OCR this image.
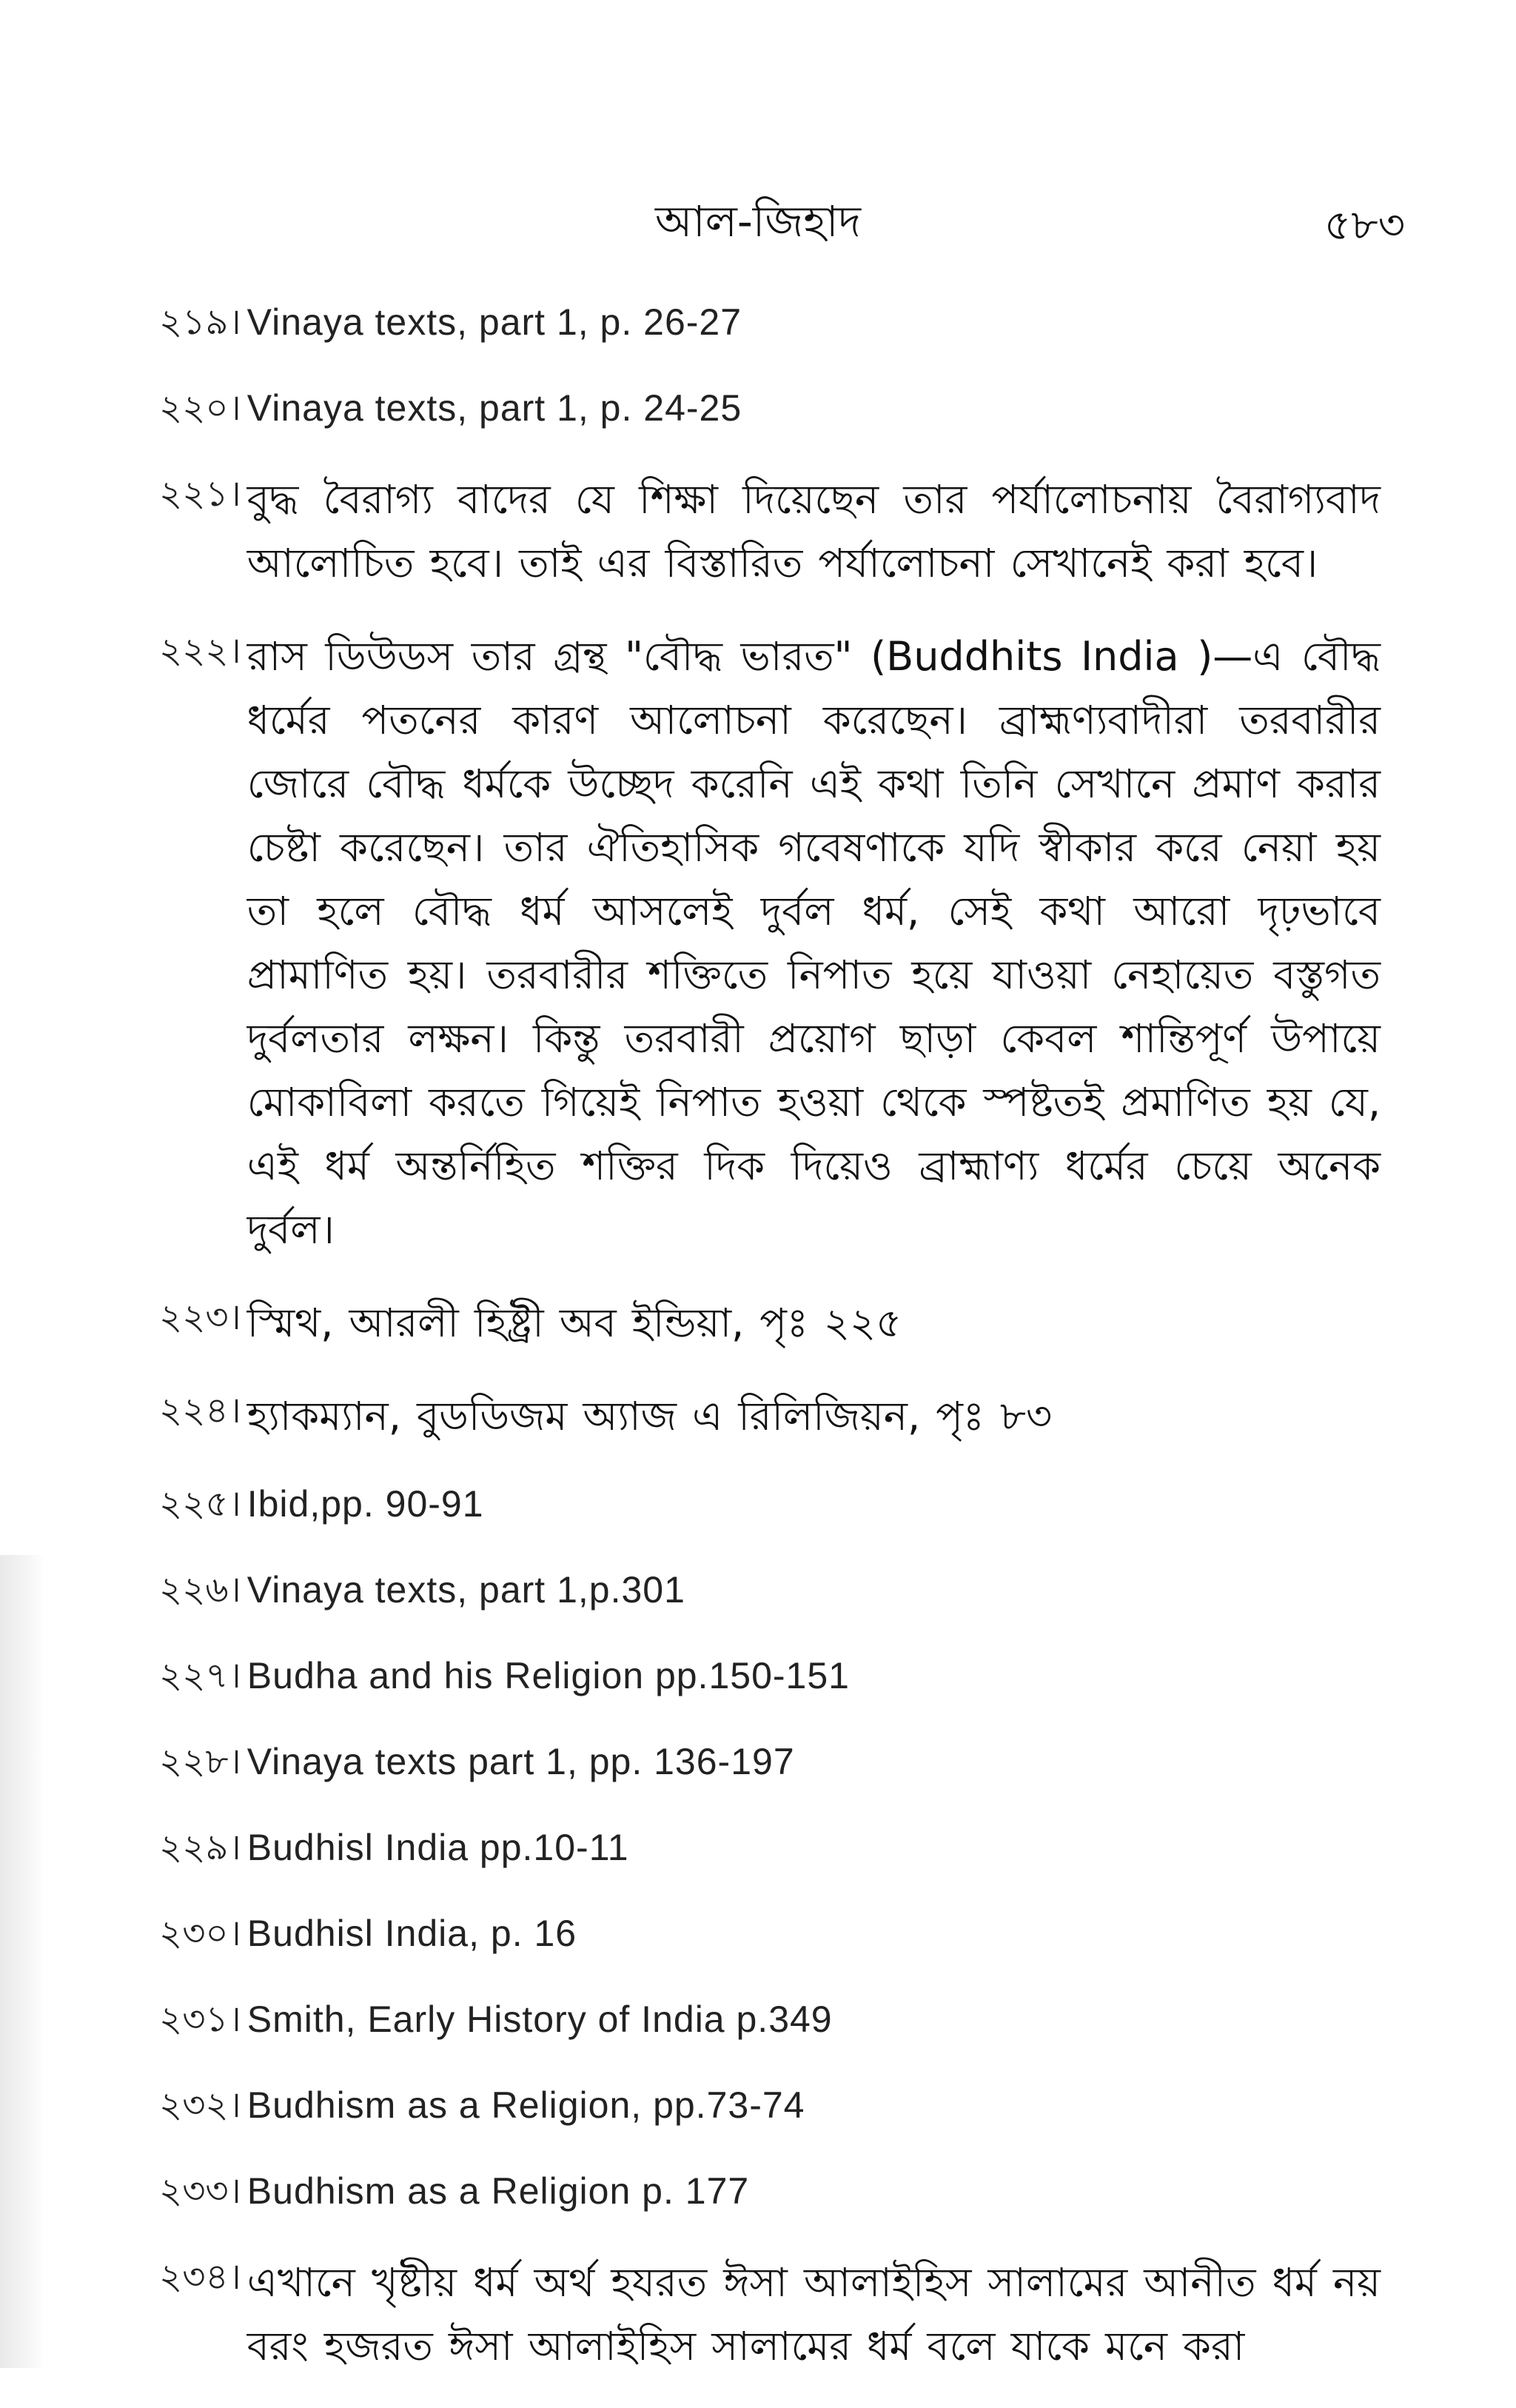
আল-জিহাদ	৫৮৩
২১৯। Vinaya texts, part 1, p. 26-27
২২০। Vinaya texts, part 1, p. 24-25
২২১। বুদ্ধ বৈরাগ্য বাদের যে শিক্ষা দিয়েছেন তার পর্যালোচনায় বৈরাগ্যবাদ আলোচিত হবে। তাই এর বিস্তারিত পর্যালোচনা সেখানেই করা হবে।
২২২। রাস ডিউডস তার গ্রন্থ "বৌদ্ধ ভারত" (Buddhits India )—এ বৌদ্ধ ধর্মের পতনের কারণ আলোচনা করেছেন। ব্রাহ্মণ্যবাদীরা তরবারীর জোরে বৌদ্ধ ধর্মকে উচ্ছেদ করেনি এই কথা তিনি সেখানে প্রমাণ করার চেষ্টা করেছেন। তার ঐতিহাসিক গবেষণাকে যদি স্বীকার করে নেয়া হয় তা হলে বৌদ্ধ ধর্ম আসলেই দুর্বল ধর্ম, সেই কথা আরো দৃঢ়ভাবে প্রামাণিত হয়। তরবারীর শক্তিতে নিপাত হয়ে যাওয়া নেহায়েত বস্তুগত দুর্বলতার লক্ষন। কিন্তু তরবারী প্রয়োগ ছাড়া কেবল শান্তিপূর্ণ উপায়ে মোকাবিলা করতে গিয়েই নিপাত হওয়া থেকে স্পষ্টতই প্রমাণিত হয় যে, এই ধর্ম অন্তর্নিহিত শক্তির দিক দিয়েও ব্রাহ্মাণ্য ধর্মের চেয়ে অনেক দুর্বল।
২২৩। স্মিথ, আরলী হিষ্ট্রী অব ইন্ডিয়া, পৃঃ ২২৫
২২৪। হ্যাকম্যান, বুডডিজম অ্যাজ এ রিলিজিয়ন, পৃঃ ৮৩
২২৫। Ibid,pp. 90-91
২২৬। Vinaya texts, part 1,p.301
২২৭। Budha and his Religion pp.150-151
২২৮। Vinaya texts part 1, pp. 136-197
২২৯। Budhisl India pp.10-11
২৩০। Budhisl India, p. 16
২৩১। Smith, Early History of India p.349
২৩২। Budhism as a Religion, pp.73-74
২৩৩। Budhism as a Religion p. 177
২৩৪। এখানে খৃষ্টীয় ধর্ম অর্থ হযরত ঈসা আলাইহিস সালামের আনীত ধর্ম নয় বরং হজরত ঈসা আলাইহিস সালামের ধর্ম বলে যাকে মনে করা
